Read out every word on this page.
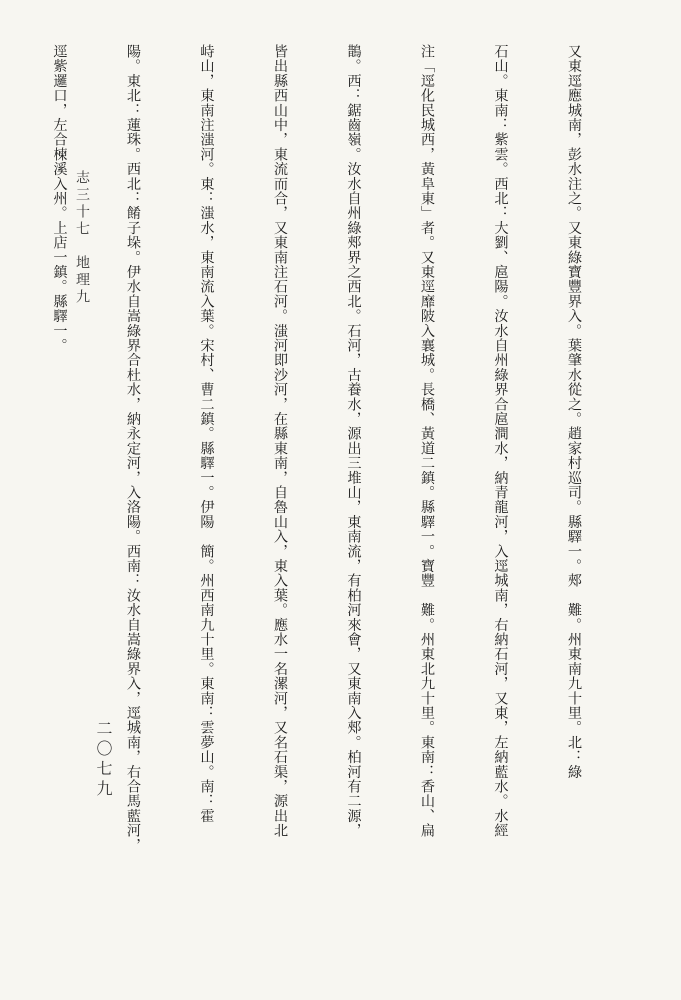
又東逕應城南，彭水注之。又東綠寶豐界入。葉肇水從之。趙家村巡司。縣驛一。郟　難。州東南九十里。北：綠

石山。東南：紫雲。西北：大劉、扈陽。汝水自州綠界合扈澗水，納青龍河，入逕城南，右納石河，又東，左納藍水。水經

注「逕化民城西，黃阜東」者。又東逕靡陂入襄城。長橋、黃道二鎮。縣驛一。寶豐　難。州東北九十里。東南：香山、扁

鵲。西：鋸齒嶺。汝水自州綠郟界之西北。石河，古養水，源出三堆山，東南流，有柏河來會，又東南入郟。柏河有二源，

皆出縣西山中，東流而合，又東南注石河。滍河即沙河，在縣東南，自魯山入，東入葉。應水一名漯河，又名石渠，源出北

峙山，東南注滍河。東：滍水，東南流入葉。宋村、曹二鎮。縣驛一。伊陽　簡。州西南九十里。東南：雲夢山。南：霍

陽。東北：蓮珠。西北：餚子垛。伊水自嵩綠界合杜水，納永定河，入洛陽。西南：汝水自嵩綠界入，逕城南，右合馬藍河，

逕紫邏口，左合楝溪入州。上店一鎮。縣驛一。

志三十七　地理九
二〇七九
